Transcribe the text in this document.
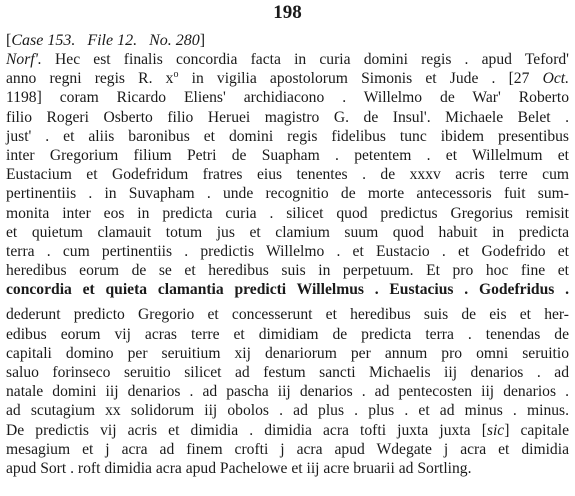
198
[Case 153. File 12. No. 280]
Norf'. Hec est finalis concordia facta in curia domini regis . apud Teford'
anno regni regis R. $x^o$ in vigilia apostolorum Simonis et Jude . [27 Oct.
1198] coram Ricardo Eliens' archidiacono . Willelmo de War' Roberto
filio Rogeri Osberto filio Heruei magistro G. de Insul'. Michaele Belet .
just' . et aliis baronibus et domini regis fidelibus tunc ibidem presentibus
inter Gregorium filium Petri de Suapham . petentem . et Willelmum et
Eustacium et Godefridum fratres eius tenentes . de xxxv acris terre cum
pertinentiis . in Suvapham . unde recognitio de morte antecessoris fuit sum-
monita inter eos in predicta curia . silicet quod predictus Gregorius remisit
et quietum clamauit totum jus et clamium suum quod habuit in predicta
terra . cum pertinentiis . predictis Willelmo . et Eustacio . et Godefrido et
heredibus eorum de se et heredibus suis in perpetuum. Et pro hoc fine et
concordia et quieta clamantia predicti Willelmus . Eustacius . Godefridus .
dederunt predicto Gregorio et concesserunt et heredibus suis de eis et her-
edibus eorum vij acras terre et dimidiam de predicta terra . tenendas de
capitali domino per seruitium xij denariorum per annum pro omni seruitio
saluo forinseco seruitio silicet ad festum sancti Michaelis iij denarios . ad
natale domini iij denarios . ad pascha iij denarios . ad pentecosten iij denarios .
ad scutagium xx solidorum iij obolos . ad plus . plus . et ad minus . minus.
De predictis vij acris et dimidia . dimidia acra tofti juxta juxta [sic] capitale
mesagium et j acra ad finem crofti j acra apud Wdegate j acra et dimidia
apud Sort . roft dimidia acra apud Pachelowe et iij acre bruarii ad Sortling.
